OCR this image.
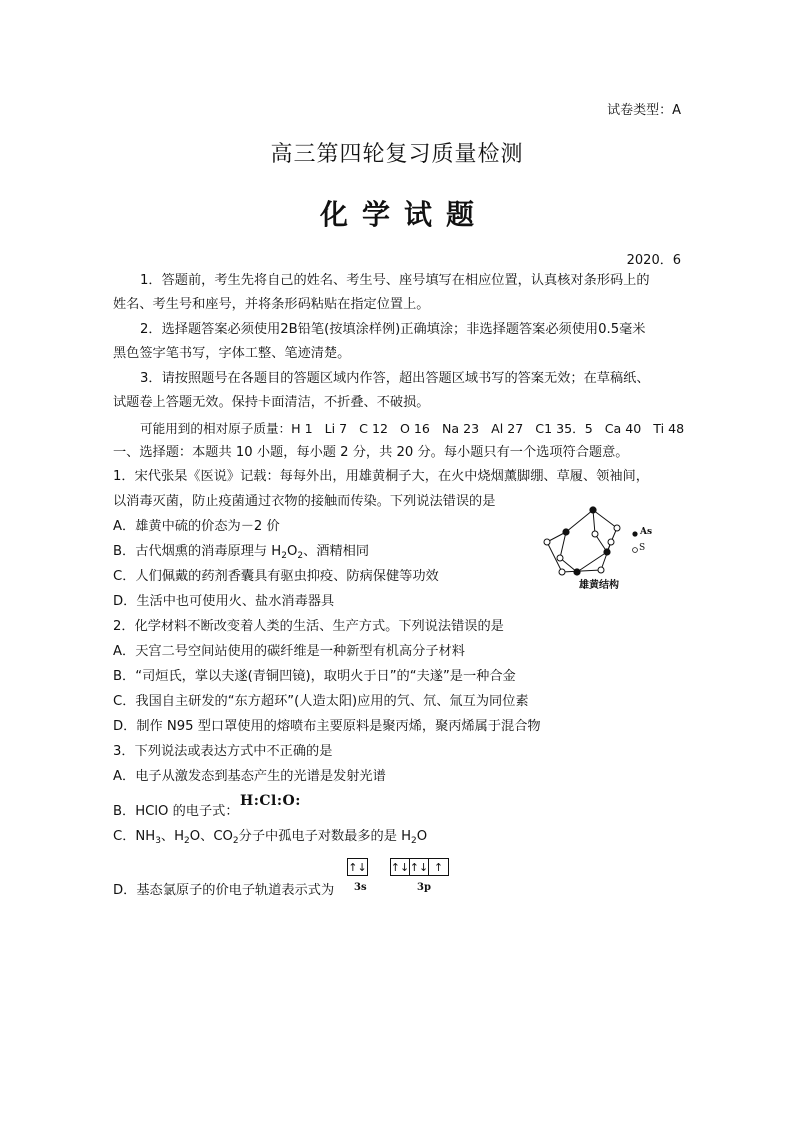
试卷类型：A
高三第四轮复习质量检测
化学试题
2020．6
1．答题前，考生先将自己的姓名、考生号、座号填写在相应位置，认真核对条形码上的
姓名、考生号和座号，并将条形码粘贴在指定位置上。
2．选择题答案必须使用2B铅笔(按填涂样例)正确填涂；非选择题答案必须使用0.5毫米
黑色签字笔书写，字体工整、笔迹清楚。
3．请按照题号在各题目的答题区域内作答，超出答题区域书写的答案无效；在草稿纸、
试题卷上答题无效。保持卡面清洁，不折叠、不破损。
可能用到的相对原子质量：H 1   Li 7   C 12   O 16   Na 23   Al 27   C1 35．5   Ca 40   Ti 48
一、选择题：本题共 10 小题，每小题 2 分，共 20 分。每小题只有一个选项符合题意。
1．宋代张杲《医说》记载：每每外出，用雄黄桐子大，在火中烧烟薰脚绷、草履、领袖间，
以消毒灭菌，防止疫菌通过衣物的接触而传染。下列说法错误的是
A．雄黄中硫的价态为－2 价
B．古代烟熏的消毒原理与 $H_2O_2$、酒精相同
C．人们佩戴的药剂香囊具有驱虫抑疫、防病保健等功效
D．生活中也可使用火、盐水消毒器具
As
S
雄黄结构
2．化学材料不断改变着人类的生活、生产方式。下列说法错误的是
A．天宫二号空间站使用的碳纤维是一种新型有机高分子材料
B．“司烜氏，掌以夫遂(青铜凹镜)，取明火于日”的“夫遂”是一种合金
C．我国自主研发的“东方超环”(人造太阳)应用的氕、氘、氚互为同位素
D．制作 N95 型口罩使用的熔喷布主要原料是聚丙烯，聚丙烯属于混合物
3．下列说法或表达方式中不正确的是
A．电子从激发态到基态产生的光谱是发射光谱
B．HClO 的电子式：
H:Cl:O:
C．$NH_3$、$H_2O$、$CO_2$分子中孤电子对数最多的是 $H_2O$
D．基态氯原子的价电子轨道表示式为
↑↓ ↑↓ ↑↓ ↑
3s	3p
